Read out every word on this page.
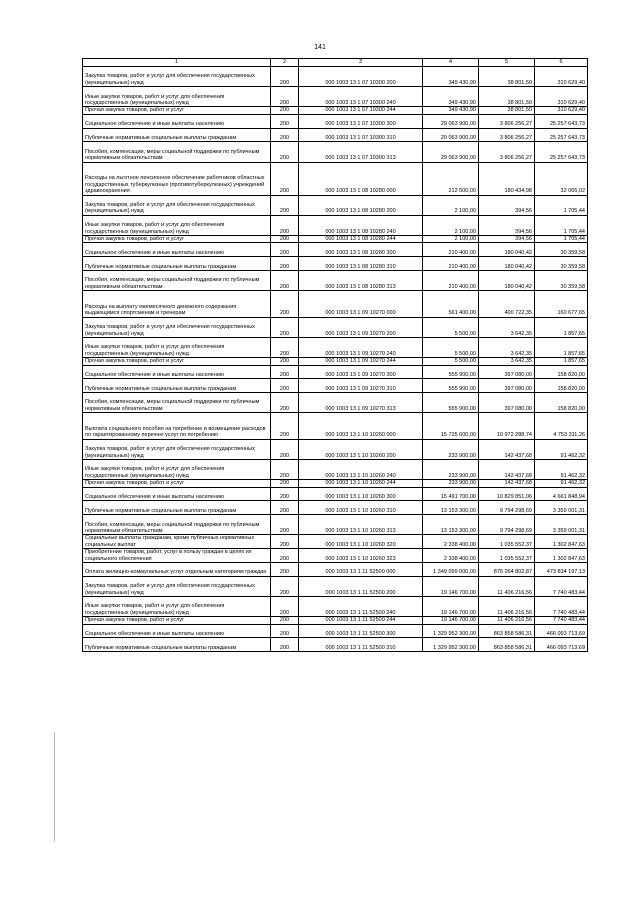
141
1	2	3	4	5	6
Закупка товаров, работ и услуг для обеспечения государственных (муниципальных) нужд	200	000 1003 13 1 07 10300 200	349 430,90	38 801,50	310 629,40
Иные закупки товаров, работ и услуг для обеспечения государственных (муниципальных) нужд	200	000 1003 13 1 07 10300 240	349 430,90	38 801,50	310 629,40
Прочая закупка товаров, работ и услуг	200	000 1003 13 1 07 10300 244	349 430,90	38 801,50	310 629,40
Социальное обеспечение и иные выплаты населению	200	000 1003 13 1 07 10300 300	29 063 900,00	3 806 256,27	25 257 643,73
Публичные нормативные социальные выплаты гражданам	200	000 1003 13 1 07 10300 310	29 063 900,00	3 806 256,27	25 257 643,73
Пособия, компенсации, меры социальной поддержки по публичным нормативным обязательствам	200	000 1003 13 1 07 10300 313	29 063 900,00	3 806 256,27	25 257 643,73
Расходы на льготное пенсионное обеспечение работников областных государственных туберкулезных (противотуберкулезных) учреждений здравоохранения	200	000 1003 13 1 08 10280 000	212 500,00	180 434,98	32 065,02
Закупка товаров, работ и услуг для обеспечения государственных (муниципальных) нужд	200	000 1003 13 1 08 10280 200	2 100,00	394,56	1 705,44
Иные закупки товаров, работ и услуг для обеспечения государственных (муниципальных) нужд	200	000 1003 13 1 08 10280 240	2 100,00	394,56	1 705,44
Прочая закупка товаров, работ и услуг	200	000 1003 13 1 08 10280 244	2 100,00	394,56	1 705,44
Социальное обеспечение и иные выплаты населению	200	000 1003 13 1 08 10280 300	210 400,00	180 040,42	30 359,58
Публичные нормативные социальные выплаты гражданам	200	000 1003 13 1 08 10280 310	210 400,00	180 040,42	30 359,58
Пособия, компенсации, меры социальной поддержки по публичным нормативным обязательствам	200	000 1003 13 1 08 10280 313	210 400,00	180 040,42	30 359,58
Расходы на выплату ежемесячного денежного содержания выдающимся спортсменам и тренерам	200	000 1003 13 1 09 10270 000	561 400,00	400 722,35	160 677,65
Закупка товаров, работ и услуг для обеспечения государственных (муниципальных) нужд	200	000 1003 13 1 09 10270 200	5 500,00	3 642,35	1 857,65
Иные закупки товаров, работ и услуг для обеспечения государственных (муниципальных) нужд	200	000 1003 13 1 09 10270 240	5 500,00	3 642,35	1 857,65
Прочая закупка товаров, работ и услуг	200	000 1003 13 1 09 10270 244	5 500,00	3 642,35	1 857,65
Социальное обеспечение и иные выплаты населению	200	000 1003 13 1 09 10270 300	555 900,00	397 080,00	158 820,00
Публичные нормативные социальные выплаты гражданам	200	000 1003 13 1 09 10270 310	555 900,00	397 080,00	158 820,00
Пособия, компенсации, меры социальной поддержки по публичным нормативным обязательствам	200	000 1003 13 1 09 10270 313	555 900,00	397 080,00	158 820,00
Выплата социального пособия на погребение и возмещение расходов по гарантированному перечню услуг по погребению	200	000 1003 13 1 10 10260 000	15 725 600,00	10 972 288,74	4 753 311,26
Закупка товаров, работ и услуг для обеспечения государственных (муниципальных) нужд	200	000 1003 13 1 10 10260 200	233 900,00	142 437,68	91 462,32
Иные закупки товаров, работ и услуг для обеспечения государственных (муниципальных) нужд	200	000 1003 13 1 10 10260 240	233 900,00	142 437,68	91 462,32
Прочая закупка товаров, работ и услуг	200	000 1003 13 1 10 10260 244	233 900,00	142 437,68	91 462,32
Социальное обеспечение и иные выплаты населению	200	000 1003 13 1 10 10260 300	15 491 700,00	10 829 851,06	4 661 848,94
Публичные нормативные социальные выплаты гражданам	200	000 1003 13 1 10 10260 310	13 153 300,00	9 794 298,69	3 359 001,31
Пособия, компенсации, меры социальной поддержки по публичным нормативным обязательствам	200	000 1003 13 1 10 10260 313	13 153 300,00	9 794 298,69	3 359 001,31
Социальные выплаты гражданам, кроме публичных нормативных социальных выплат	200	000 1003 13 1 10 10260 320	2 338 400,00	1 035 552,37	1 302 847,63
Приобретение товаров, работ, услуг в пользу граждан в целях их социального обеспечения	200	000 1003 13 1 10 10260 323	2 338 400,00	1 035 552,37	1 302 847,63
Оплата жилищно-коммунальных услуг отдельным категориям граждан	200	000 1003 13 1 11 52500 000	1 349 099 000,00	875 264 802,87	473 834 197,13
Закупка товаров, работ и услуг для обеспечения государственных (муниципальных) нужд	200	000 1003 13 1 11 52500 200	19 146 700,00	11 406 216,56	7 740 483,44
Иные закупки товаров, работ и услуг для обеспечения государственных (муниципальных) нужд	200	000 1003 13 1 11 52500 240	19 146 700,00	11 406 216,56	7 740 483,44
Прочая закупка товаров, работ и услуг	200	000 1003 13 1 11 52500 244	19 146 700,00	11 406 216,56	7 740 483,44
Социальное обеспечение и иные выплаты населению	200	000 1003 13 1 11 52500 300	1 329 952 300,00	863 858 586,31	466 093 713,69
Публичные нормативные социальные выплаты гражданам	200	000 1003 13 1 11 52500 310	1 329 952 300,00	863 858 586,31	466 093 713,69
